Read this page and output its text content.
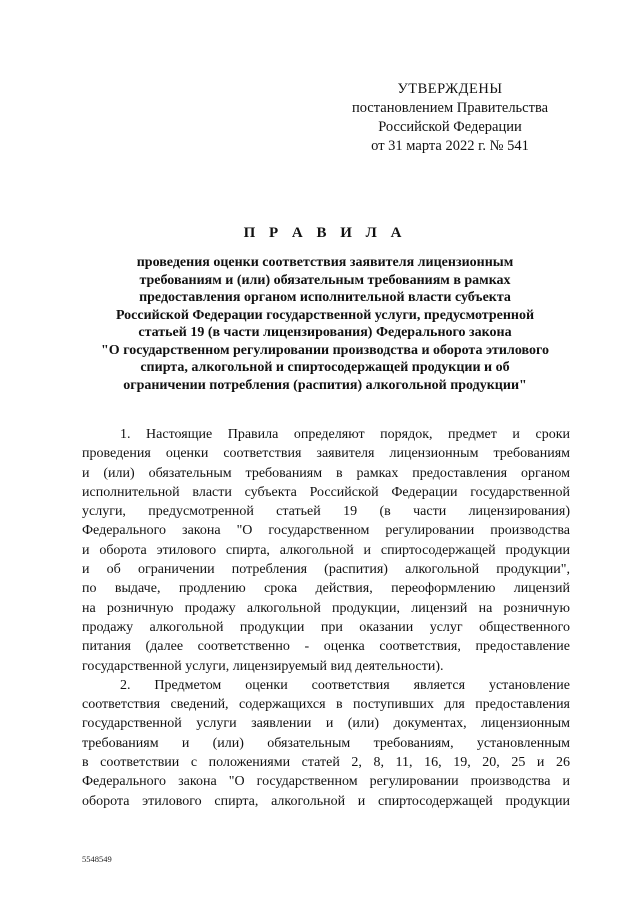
УТВЕРЖДЕНЫ
постановлением Правительства
Российской Федерации
от 31 марта 2022 г. № 541
П Р А В И Л А
проведения оценки соответствия заявителя лицензионным
требованиям и (или) обязательным требованиям в рамках
предоставления органом исполнительной власти субъекта
Российской Федерации государственной услуги, предусмотренной
статьей 19 (в части лицензирования) Федерального закона
"О государственном регулировании производства и оборота этилового
спирта, алкогольной и спиртосодержащей продукции и об
ограничении потребления (распития) алкогольной продукции"

1. Настоящие Правила определяют порядок, предмет и сроки
проведения оценки соответствия заявителя лицензионным требованиям
и (или) обязательным требованиям в рамках предоставления органом
исполнительной власти субъекта Российской Федерации государственной
услуги, предусмотренной статьей 19 (в части лицензирования)
Федерального закона "О государственном регулировании производства
и оборота этилового спирта, алкогольной и спиртосодержащей продукции
и об ограничении потребления (распития) алкогольной продукции",
по выдаче, продлению срока действия, переоформлению лицензий
на розничную продажу алкогольной продукции, лицензий на розничную
продажу алкогольной продукции при оказании услуг общественного
питания (далее соответственно - оценка соответствия, предоставление
государственной услуги, лицензируемый вид деятельности).

2. Предметом оценки соответствия является установление
соответствия сведений, содержащихся в поступивших для предоставления
государственной услуги заявлении и (или) документах, лицензионным
требованиям и (или) обязательным требованиям, установленным
в соответствии с положениями статей 2, 8, 11, 16, 19, 20, 25 и 26
Федерального закона "О государственном регулировании производства и
оборота этилового спирта, алкогольной и спиртосодержащей продукции

5548549
